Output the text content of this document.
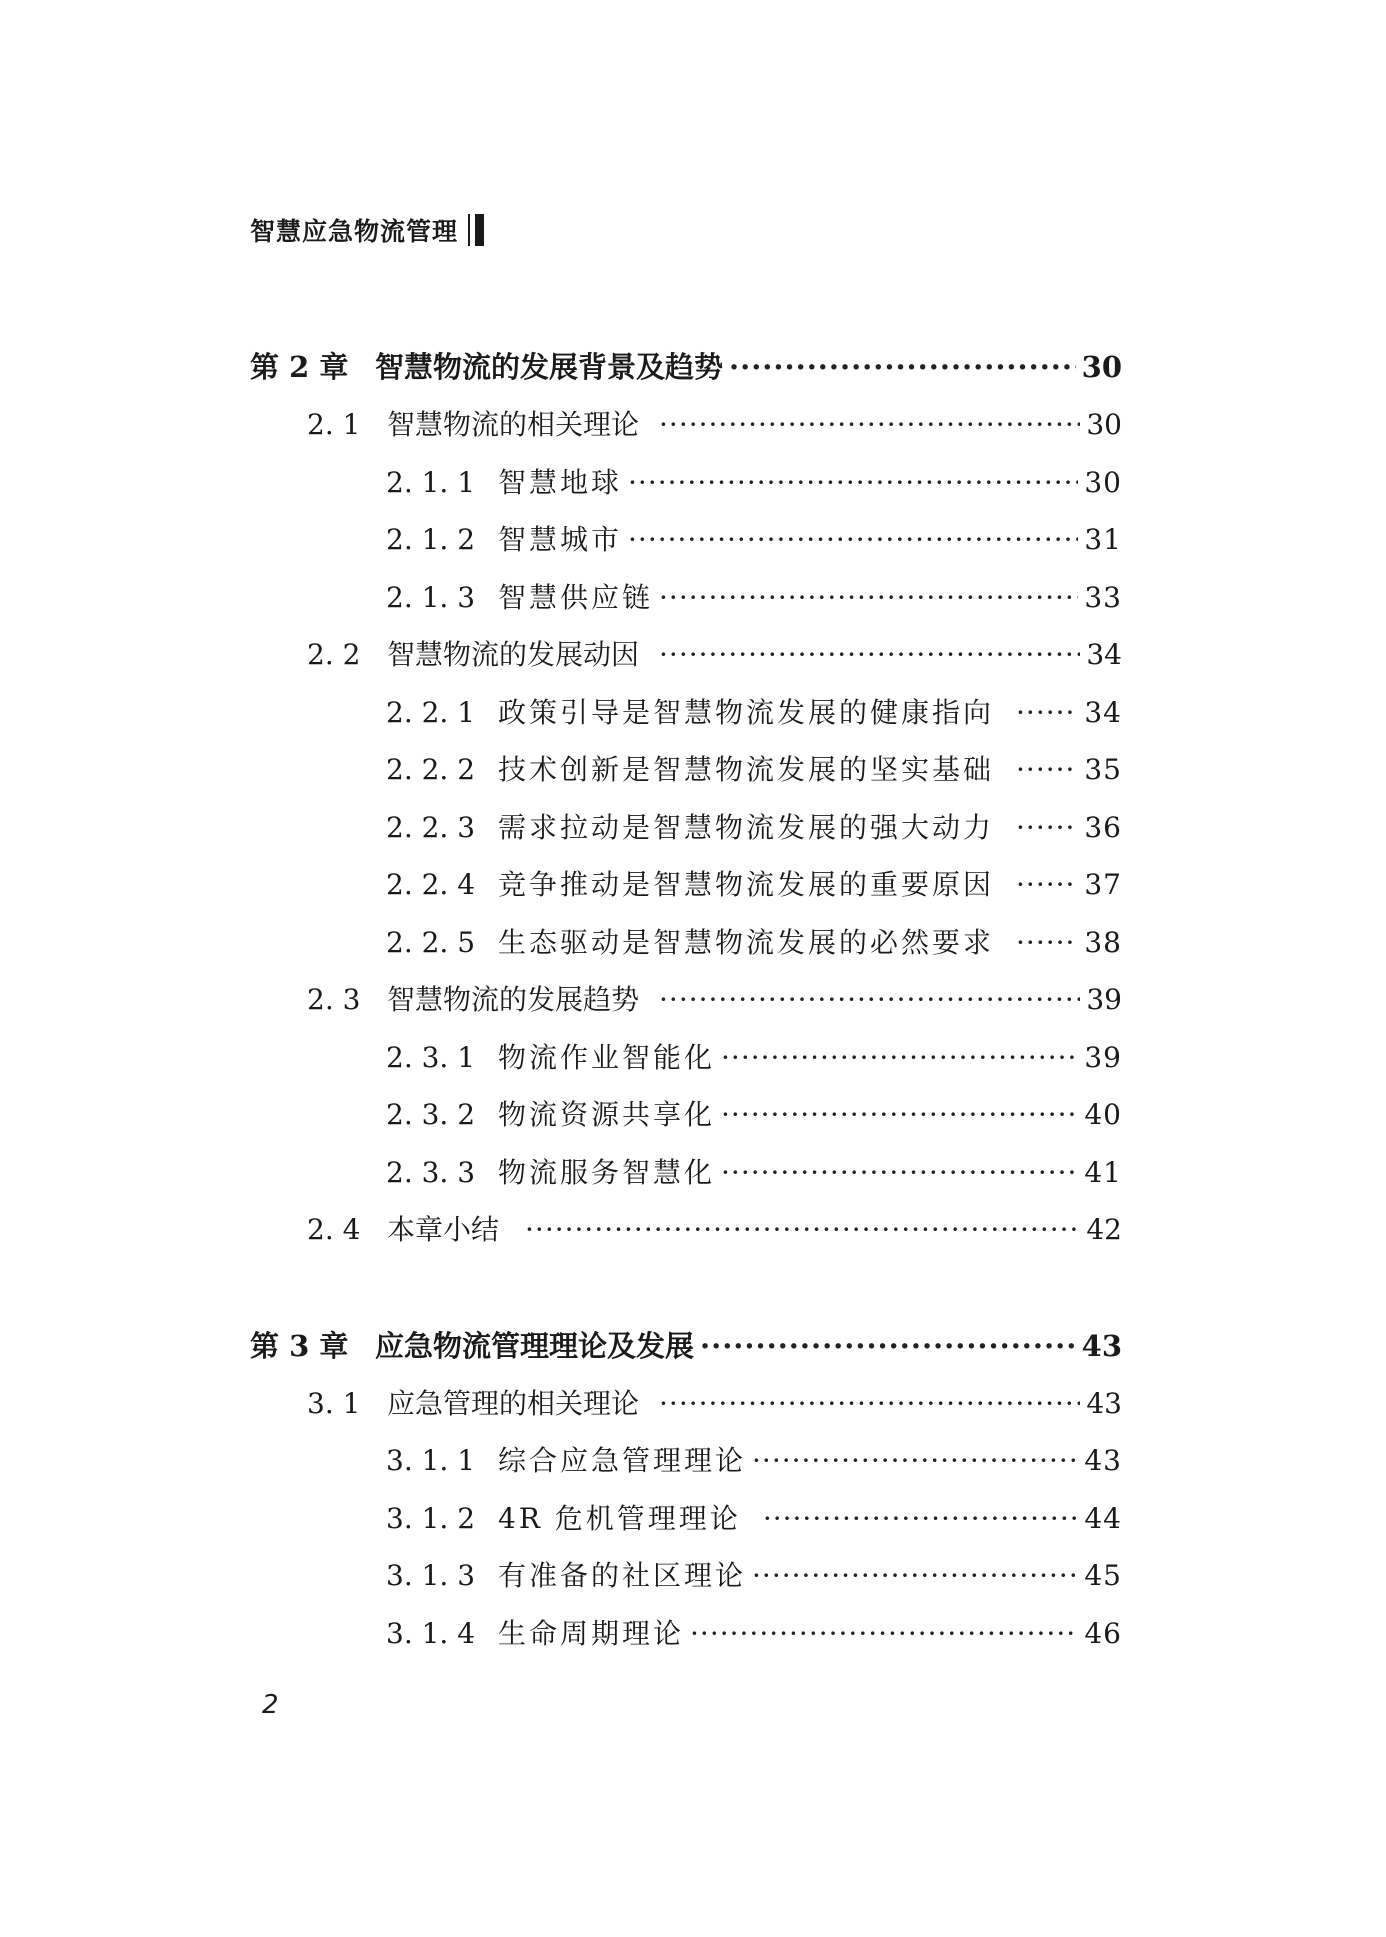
智慧应急物流管理
第 2 章 智慧物流的发展背景及趋势 ·····	30
2. 1 智慧物流的相关理论 ·····	30
2. 1. 1 智慧地球 ·····	30
2. 1. 2 智慧城市 ·····	31
2. 1. 3 智慧供应链 ·····	33
2. 2 智慧物流的发展动因 ·····	34
2. 2. 1 政策引导是智慧物流发展的健康指向 ·····	34
2. 2. 2 技术创新是智慧物流发展的坚实基础 ·····	35
2. 2. 3 需求拉动是智慧物流发展的强大动力 ·····	36
2. 2. 4 竞争推动是智慧物流发展的重要原因 ·····	37
2. 2. 5 生态驱动是智慧物流发展的必然要求 ·····	38
2. 3 智慧物流的发展趋势 ·····	39
2. 3. 1 物流作业智能化 ·····	39
2. 3. 2 物流资源共享化 ·····	40
2. 3. 3 物流服务智慧化 ·····	41
2. 4 本章小结 ·····	42
第 3 章 应急物流管理理论及发展 ·····	43
3. 1 应急管理的相关理论 ·····	43
3. 1. 1 综合应急管理理论 ·····	43
3. 1. 2 4R 危机管理理论 ·····	44
3. 1. 3 有准备的社区理论 ·····	45
3. 1. 4 生命周期理论 ·····	46
2
